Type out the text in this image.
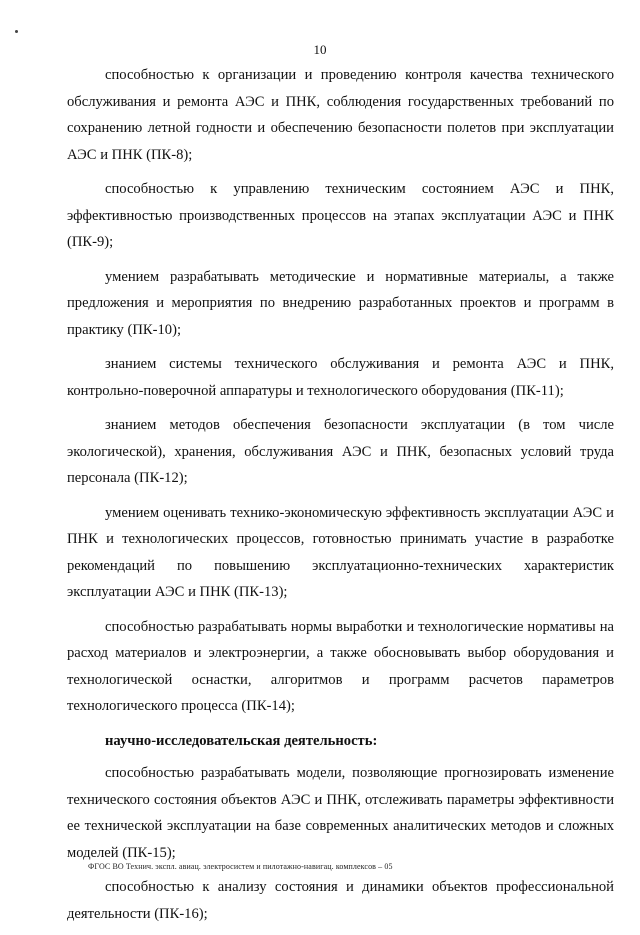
10

способностью к организации и проведению контроля качества технического обслуживания и ремонта АЭС и ПНК, соблюдения государственных требований по сохранению летной годности и обеспечению безопасности полетов при эксплуатации АЭС и ПНК (ПК-8);

способностью к управлению техническим состоянием АЭС и ПНК, эффективностью производственных процессов на этапах эксплуатации АЭС и ПНК (ПК-9);

умением разрабатывать методические и нормативные материалы, а также предложения и мероприятия по внедрению разработанных проектов и программ в практику (ПК-10);

знанием системы технического обслуживания и ремонта АЭС и ПНК, контрольно-поверочной аппаратуры и технологического оборудования (ПК-11);

знанием методов обеспечения безопасности эксплуатации (в том числе экологической), хранения, обслуживания АЭС и ПНК, безопасных условий труда персонала (ПК-12);

умением оценивать технико-экономическую эффективность эксплуатации АЭС и ПНК и технологических процессов, готовностью принимать участие в разработке рекомендаций по повышению эксплуатационно-технических характеристик эксплуатации АЭС и ПНК (ПК-13);

способностью разрабатывать нормы выработки и технологические нормативы на расход материалов и электроэнергии, а также обосновывать выбор оборудования и технологической оснастки, алгоритмов и программ расчетов параметров технологического процесса (ПК-14);

научно-исследовательская деятельность:

способностью разрабатывать модели, позволяющие прогнозировать изменение технического состояния объектов АЭС и ПНК, отслеживать параметры эффективности ее технической эксплуатации на базе современных аналитических методов и сложных моделей (ПК-15);

способностью к анализу состояния и динамики объектов профессиональной деятельности (ПК-16);

ФГОС ВО Технич. экспл. авиац. электросистем и пилотажно-навигац. комплексов – 05
